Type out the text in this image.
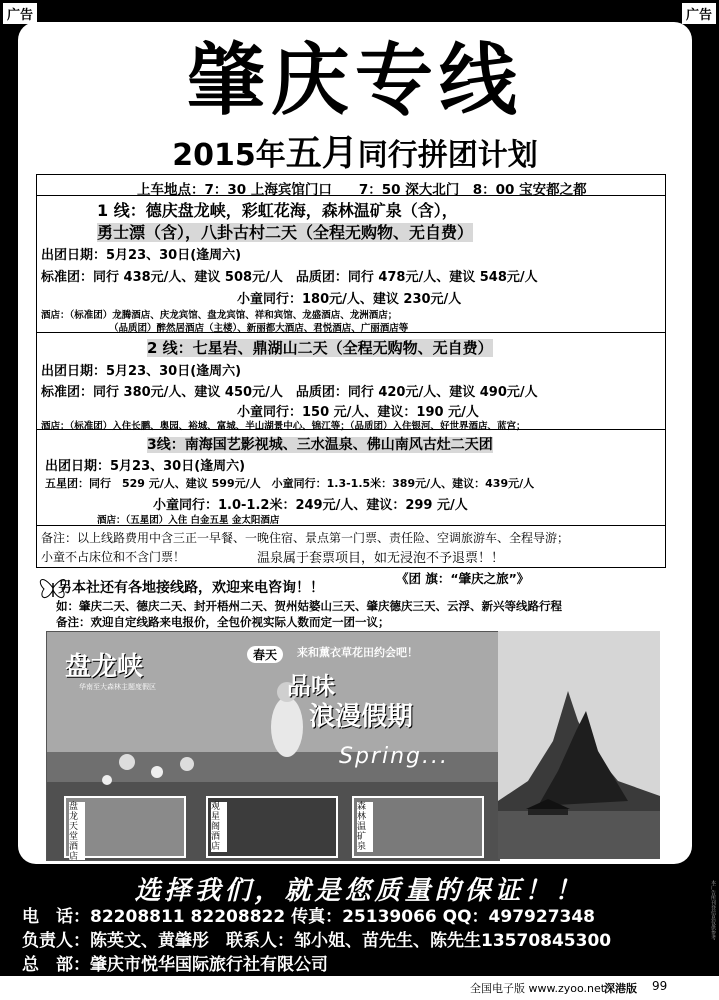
广告	广告
肇庆专线
2015年五月同行拼团计划
上车地点：7：30 上海宾馆门口　　7：50 深大北门　8：00 宝安都之都
1 线：德庆盘龙峡，彩虹花海，森林温矿泉（含），
勇士漂（含），八卦古村二天（全程无购物、无自费）
出团日期：5月23、30日(逢周六)
标准团：同行 438元/人、建议 508元/人　品质团：同行 478元/人、建议 548元/人
小童同行：180元/人、建议 230元/人
酒店：（标准团）龙腾酒店、庆龙宾馆、盘龙宾馆、祥和宾馆、龙盛酒店、龙洲酒店；
（品质团）醉然居酒店（主楼）、新丽都大酒店、君悦酒店、广丽酒店等
2 线：七星岩、鼎湖山二天（全程无购物、无自费）
出团日期：5月23、30日(逢周六)
标准团：同行 380元/人、建议 450元/人　品质团：同行 420元/人、建议 490元/人
小童同行：150 元/人、建议：190 元/人
酒店：（标准团）入住长鹏、奥园、裕城、富城、半山湖景中心、锦江等；（品质团）入住银河、好世界酒店、蓝宫；
3线：南海国艺影视城、三水温泉、佛山南风古灶二天团
出团日期：5月23、30日(逢周六)
五星团：同行　529 元/人、建议 599元/人　小童同行：1.3-1.5米：389元/人、建议：439元/人
小童同行：1.0-1.2米：249元/人、建议：299 元/人
酒店：（五星团）入住 白金五星 金太阳酒店
备注：以上线路费用中含三正一早餐、一晚住宿、景点第一门票、责任险、空调旅游车、全程导游；
小童不占床位和不含门票！	温泉属于套票项目，如无浸泡不予退票！！
另本社还有各地接线路，欢迎来电咨询！！
《团 旗：“肇庆之旅”》
如：肇庆二天、德庆二天、封开梧州二天、贺州姑婆山三天、肇庆德庆三天、云浮、新兴等线路行程
备注：欢迎自定线路来电报价，全包价视实际人数而定一团一议；
盘龙峡
华南至大森林主题度假区
春天	来和薰衣草花田约会吧！
品味
浪漫假期
Spring...
盘龙天堂酒店
观星阁酒店
森林温矿泉
选择我们，就是您质量的保证！！
电　话：82208811 82208822 传真：25139066 QQ：497927348
负责人：陈英文、黄肇彤　联系人：邹小姐、苗先生、陈先生13570845300
总　部：肇庆市悦华国际旅行社有限公司
全国电子版 www.zyoo.net
深港版 99
本广告所刊登信息仅供参考
